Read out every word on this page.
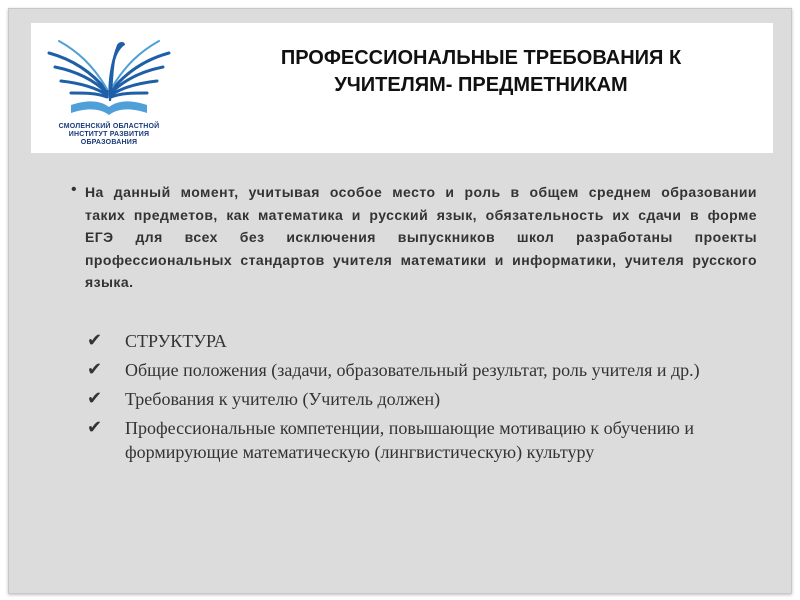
СМОЛЕНСКИЙ ОБЛАСТНОЙ ИНСТИТУТ РАЗВИТИЯ ОБРАЗОВАНИЯ
ПРОФЕССИОНАЛЬНЫЕ ТРЕБОВАНИЯ К
УЧИТЕЛЯМ- ПРЕДМЕТНИКАМ
• На данный момент, учитывая особое место и роль в общем среднем образовании таких предметов, как математика и русский язык, обязательность их сдачи в форме ЕГЭ для всех без исключения выпускников школ разработаны проекты профессиональных стандартов учителя математики и информатики, учителя русского языка.

✔ СТРУКТУРА
✔ Общие положения (задачи, образовательный результат, роль учителя и др.)
✔ Требования к учителю (Учитель должен)
✔ Профессиональные компетенции, повышающие мотивацию к обучению и формирующие математическую (лингвистическую) культуру
